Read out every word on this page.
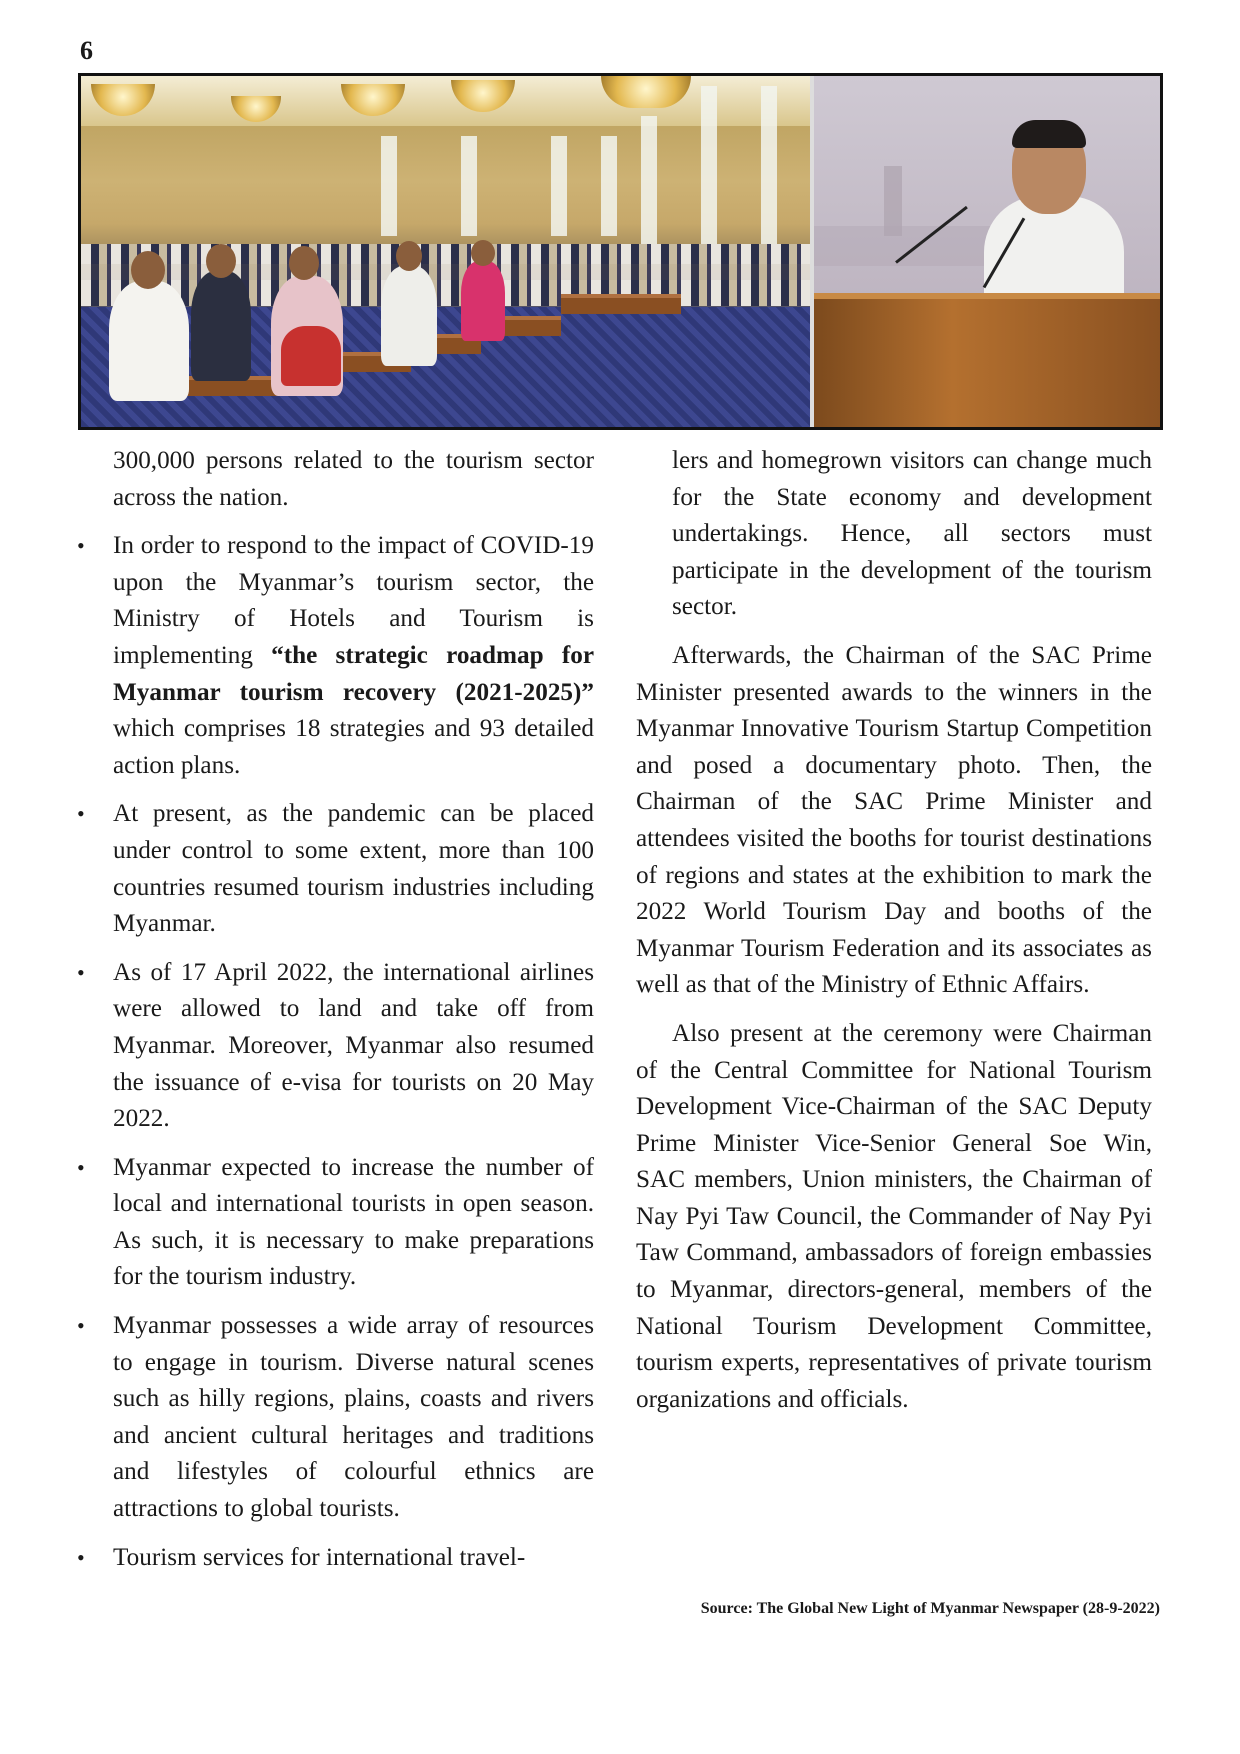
6

300,000 persons related to the tourism sector across the nation.

• In order to respond to the impact of COVID-19 upon the Myanmar’s tourism sector, the Ministry of Hotels and Tourism is implementing “the strategic roadmap for Myanmar tourism recovery (2021-2025)” which comprises 18 strategies and 93 detailed action plans.
• At present, as the pandemic can be placed under control to some extent, more than 100 countries resumed tourism industries including Myanmar.
• As of 17 April 2022, the international airlines were allowed to land and take off from Myanmar. Moreover, Myanmar also resumed the issuance of e-visa for tourists on 20 May 2022.
• Myanmar expected to increase the number of local and international tourists in open season. As such, it is necessary to make preparations for the tourism industry.
• Myanmar possesses a wide array of resources to engage in tourism. Diverse natural scenes such as hilly regions, plains, coasts and rivers and ancient cultural heritages and traditions and lifestyles of colourful ethnics are attractions to global tourists.
• Tourism services for international travel-

lers and homegrown visitors can change much for the State economy and development undertakings. Hence, all sectors must participate in the development of the tourism sector.

Afterwards, the Chairman of the SAC Prime Minister presented awards to the winners in the Myanmar Innovative Tourism Startup Competition and posed a documentary photo. Then, the Chairman of the SAC Prime Minister and attendees visited the booths for tourist destinations of regions and states at the exhibition to mark the 2022 World Tourism Day and booths of the Myanmar Tourism Federation and its associates as well as that of the Ministry of Ethnic Affairs.

Also present at the ceremony were Chairman of the Central Committee for National Tourism Development Vice-Chairman of the SAC Deputy Prime Minister Vice-Senior General Soe Win, SAC members, Union ministers, the Chairman of Nay Pyi Taw Council, the Commander of Nay Pyi Taw Command, ambassadors of foreign embassies to Myanmar, directors-general, members of the National Tourism Development Committee, tourism experts, representatives of private tourism organizations and officials.

Source: The Global New Light of Myanmar Newspaper (28-9-2022)
